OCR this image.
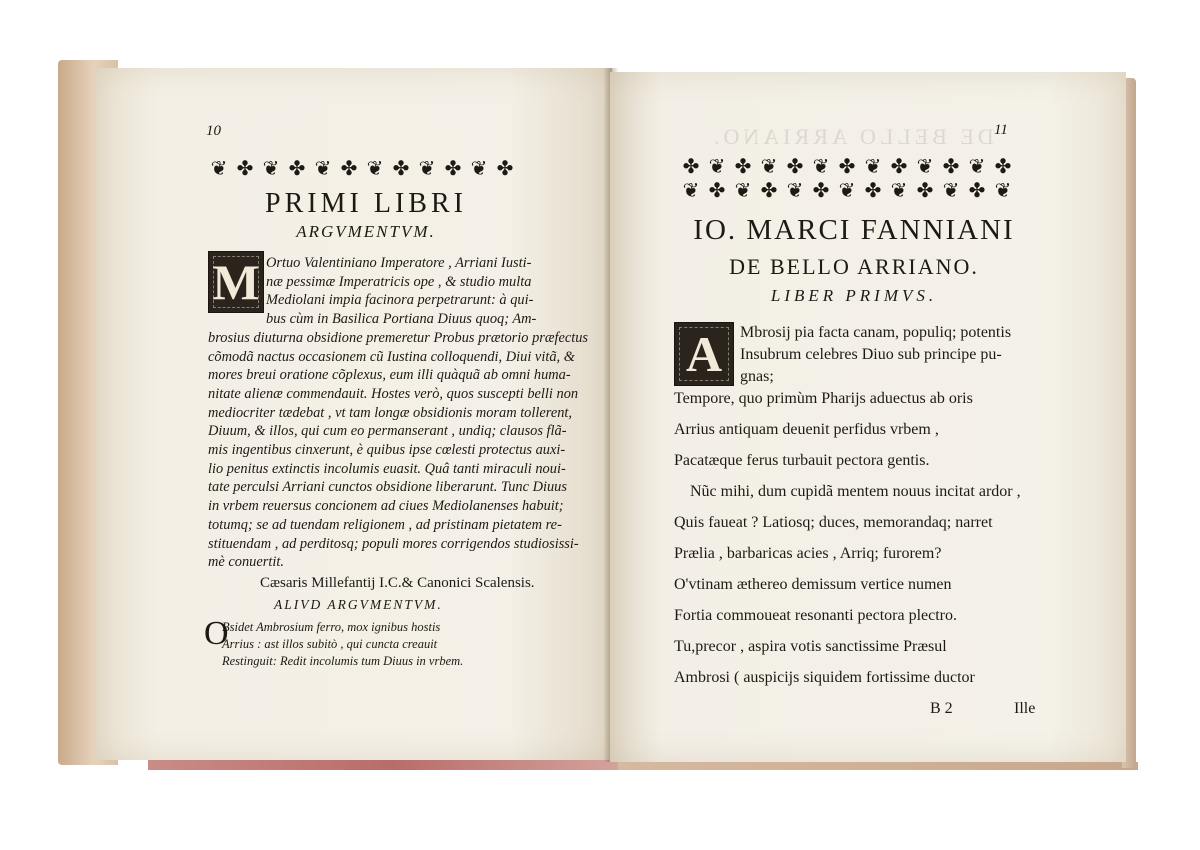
10
❦ ✤ ❦ ✤ ❦ ✤ ❦ ✤ ❦ ✤ ❦ ✤
PRIMI LIBRI
ARGVMENTVM.
M Ortuo Valentiniano Imperatore , Arriani Iusti-
næ pessimæ Imperatricis ope , & studio multa
Mediolani impia facinora perpetrarunt: à qui-
bus cùm in Basilica Portiana Diuus quoq; Am-
brosius diuturna obsidione premeretur Probus prætorio præfectus
cõmodã nactus occasionem cũ Iustina colloquendi, Diui vitã, &
mores breui oratione cõplexus, eum illi quàquã ab omni huma-
nitate alienæ commendauit. Hostes verò, quos suscepti belli non
mediocriter tædebat , vt tam longæ obsidionis moram tollerent,
Diuum, & illos, qui cum eo permanserant , undiq; clausos flã-
mis ingentibus cinxerunt, è quibus ipse cœlesti protectus auxi-
lio penitus extinctis incolumis euasit. Quâ tanti miraculi noui-
tate perculsi Arriani cunctos obsidione liberarunt. Tunc Diuus
in vrbem reuersus concionem ad ciues Mediolanenses habuit;
totumq; se ad tuendam religionem , ad pristinam pietatem re-
stituendam , ad perditosq; populi mores corrigendos studiosissi-
mè conuertit.
Cæsaris Millefantij I.C.& Canonici Scalensis.
ALIVD ARGVMENTVM.
O
Bsidet Ambrosium ferro, mox ignibus hostis
Arrius : ast illos subitò , qui cuncta creauit
Restinguit: Redit incolumis tum Diuus in vrbem.
DE BELLO ARRIANO. 11
✤ ❦ ✤ ❦ ✤ ❦ ✤ ❦ ✤ ❦ ✤ ❦ ✤
❦ ✤ ❦ ✤ ❦ ✤ ❦ ✤ ❦ ✤ ❦ ✤ ❦
IO. MARCI FANNIANI
DE BELLO ARRIANO.
LIBER PRIMVS.
A	Mbrosij pia facta canam, populiq; potentis
Insubrum celebres Diuo sub principe pu-
gnas;
Tempore, quo primùm Pharijs aduectus ab oris
Arrius antiquam deuenit perfidus vrbem ,
Pacatæque ferus turbauit pectora gentis.
Nũc mihi, dum cupidã mentem nouus incitat ardor ,
Quis faueat ? Latiosq; duces, memorandaq; narret
Prælia , barbaricas acies , Arriq; furorem?
O'vtinam æthereo demissum vertice numen
Fortia commoueat resonanti pectora plectro.
Tu,precor , aspira votis sanctissime Præsul
Ambrosi ( auspicijs siquidem fortissime ductor
B 2	Ille
